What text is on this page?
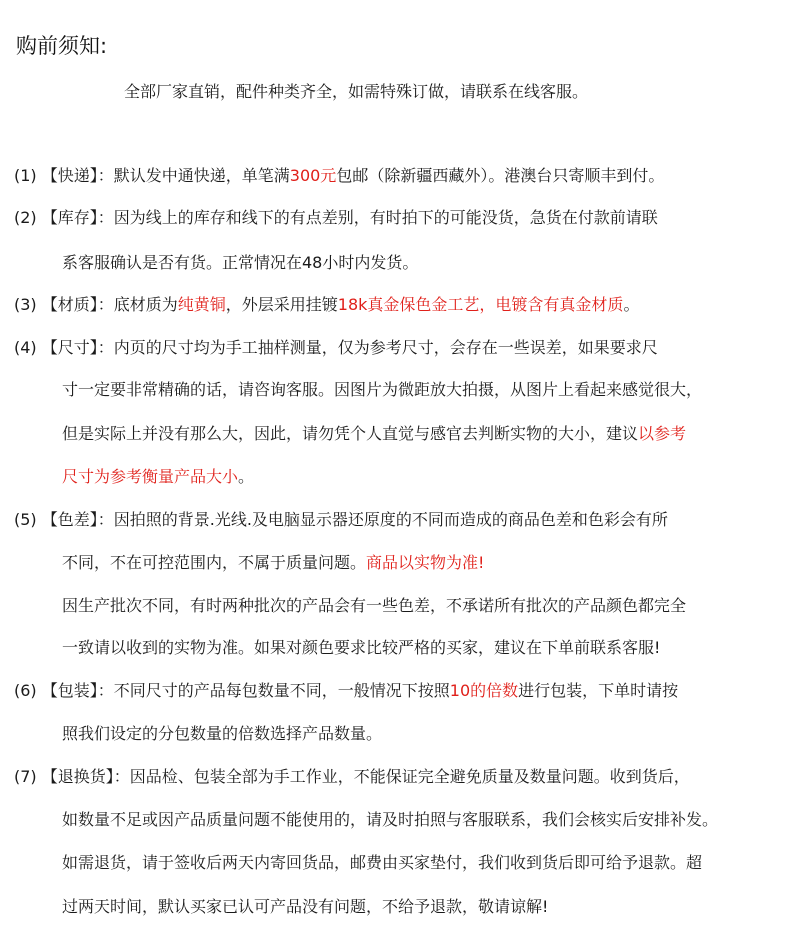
购前须知:
全部厂家直销，配件种类齐全，如需特殊订做，请联系在线客服。
(1) 【快递】：默认发中通快递，单笔满300元包邮（除新疆西藏外）。港澳台只寄顺丰到付。
(2) 【库存】：因为线上的库存和线下的有点差别，有时拍下的可能没货，急货在付款前请联
系客服确认是否有货。正常情况在48小时内发货。
(3) 【材质】：底材质为纯黄铜，外层采用挂镀18k真金保色金工艺，电镀含有真金材质。
(4) 【尺寸】：内页的尺寸均为手工抽样测量，仅为参考尺寸，会存在一些误差，如果要求尺
寸一定要非常精确的话，请咨询客服。因图片为微距放大拍摄，从图片上看起来感觉很大，
但是实际上并没有那么大，因此，请勿凭个人直觉与感官去判断实物的大小，建议以参考
尺寸为参考衡量产品大小。
(5) 【色差】：因拍照的背景.光线.及电脑显示器还原度的不同而造成的商品色差和色彩会有所
不同，不在可控范围内，不属于质量问题。商品以实物为准!
因生产批次不同，有时两种批次的产品会有一些色差，不承诺所有批次的产品颜色都完全
一致请以收到的实物为准。如果对颜色要求比较严格的买家，建议在下单前联系客服!
(6) 【包装】：不同尺寸的产品每包数量不同，一般情况下按照10的倍数进行包装，下单时请按
照我们设定的分包数量的倍数选择产品数量。
(7) 【退换货】：因品检、包装全部为手工作业，不能保证完全避免质量及数量问题。收到货后，
如数量不足或因产品质量问题不能使用的，请及时拍照与客服联系，我们会核实后安排补发。
如需退货，请于签收后两天内寄回货品，邮费由买家垫付，我们收到货后即可给予退款。超
过两天时间，默认买家已认可产品没有问题，不给予退款，敬请谅解!
